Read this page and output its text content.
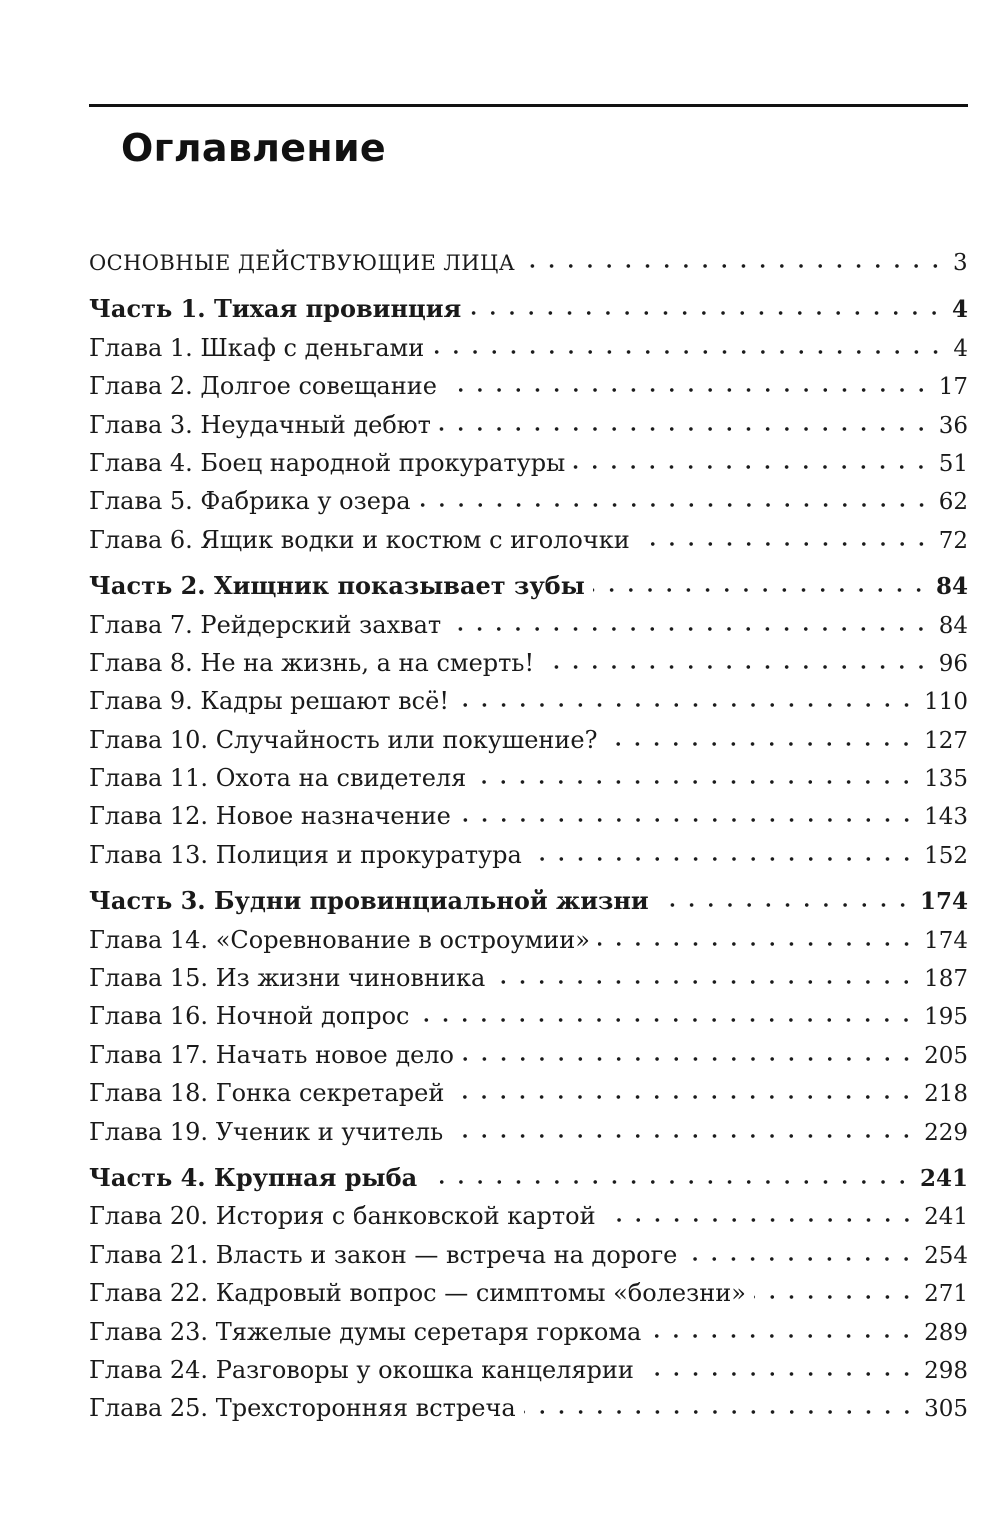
Оглавление
ОСНОВНЫЕ ДЕЙСТВУЮЩИЕ ЛИЦА	3
Часть 1. Тихая провинция	4
Глава 1. Шкаф с деньгами	4
Глава 2. Долгое совещание	17
Глава 3. Неудачный дебют	36
Глава 4. Боец народной прокуратуры	51
Глава 5. Фабрика у озера	62
Глава 6. Ящик водки и костюм с иголочки	72
Часть 2. Хищник показывает зубы	84
Глава 7. Рейдерский захват	84
Глава 8. Не на жизнь, а на смерть!	96
Глава 9. Кадры решают всё!	110
Глава 10. Случайность или покушение?	127
Глава 11. Охота на свидетеля	135
Глава 12. Новое назначение	143
Глава 13. Полиция и прокуратура	152
Часть 3. Будни провинциальной жизни	174
Глава 14. «Соревнование в остроумии»	174
Глава 15. Из жизни чиновника	187
Глава 16. Ночной допрос	195
Глава 17. Начать новое дело	205
Глава 18. Гонка секретарей	218
Глава 19. Ученик и учитель	229
Часть 4. Крупная рыба	241
Глава 20. История с банковской картой	241
Глава 21. Власть и закон — встреча на дороге	254
Глава 22. Кадровый вопрос — симптомы «болезни»	271
Глава 23. Тяжелые думы серетаря горкома	289
Глава 24. Разговоры у окошка канцелярии	298
Глава 25. Трехсторонняя встреча	305
